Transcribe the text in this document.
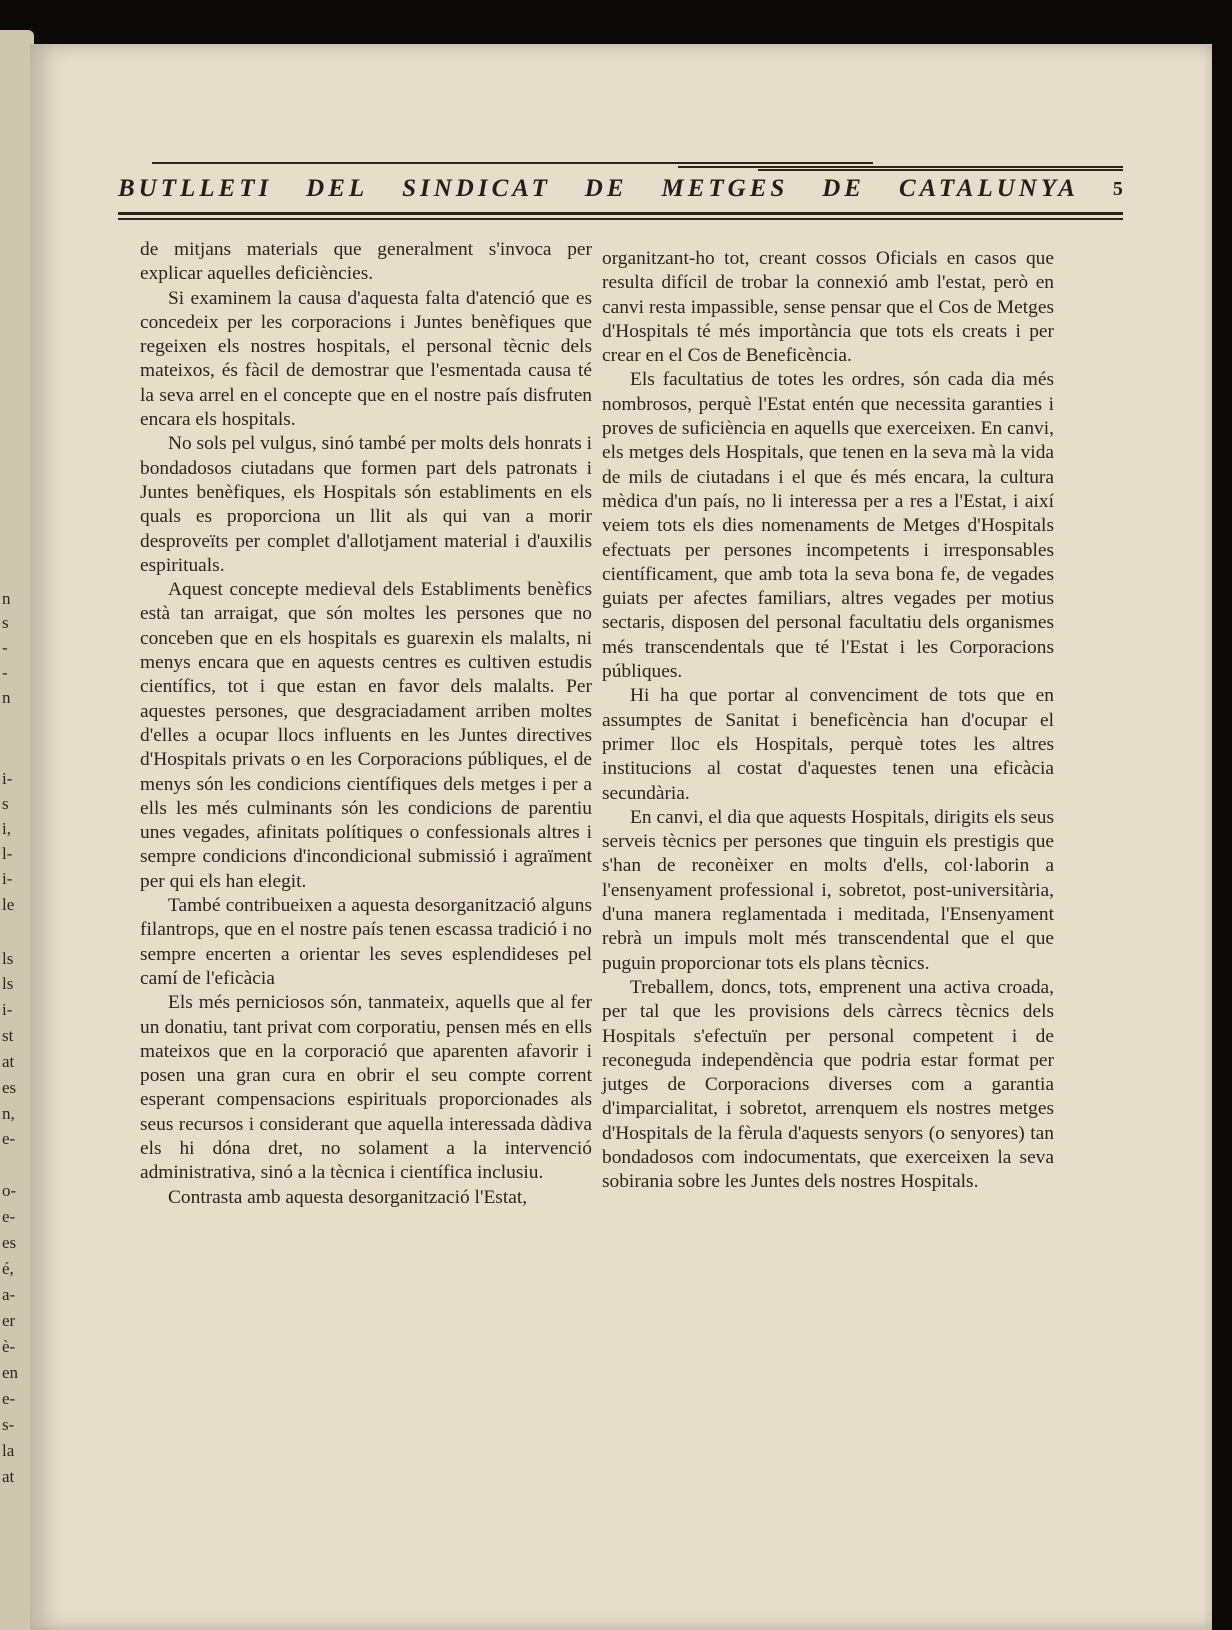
n
s
-
-
n
i-
s
i,
l-
i-
le
ls
ls
i-
st
at
es
n,
e-
o-
e-
es
é,
a-
er
è-
en
e-
s-
la
at
BUTLLETI DEL SINDICAT DE METGES DE CATALUNYA 5

de mitjans materials que generalment s'invoca per explicar aquelles deficiències.

Si examinem la causa d'aquesta falta d'atenció que es concedeix per les corporacions i Juntes benèfiques que regeixen els nostres hospitals, el personal tècnic dels mateixos, és fàcil de demostrar que l'esmentada causa té la seva arrel en el concepte que en el nostre país disfruten encara els hospitals.

No sols pel vulgus, sinó també per molts dels honrats i bondadosos ciutadans que formen part dels patronats i Juntes benèfiques, els Hospitals són establiments en els quals es proporciona un llit als qui van a morir desproveïts per complet d'allotjament material i d'auxilis espirituals.

Aquest concepte medieval dels Establiments benèfics està tan arraigat, que són moltes les persones que no conceben que en els hospitals es guarexin els malalts, ni menys encara que en aquests centres es cultiven estudis científics, tot i que estan en favor dels malalts. Per aquestes persones, que desgraciadament arriben moltes d'elles a ocupar llocs influents en les Juntes directives d'Hospitals privats o en les Corporacions públiques, el de menys són les condicions científiques dels metges i per a ells les més culminants són les condicions de parentiu unes vegades, afinitats polítiques o confessionals altres i sempre condicions d'incondicional submissió i agraïment per qui els han elegit.

També contribueixen a aquesta desorganització alguns filantrops, que en el nostre país tenen escassa tradició i no sempre encerten a orientar les seves esplendideses pel camí de l'eficàcia

Els més perniciosos són, tanmateix, aquells que al fer un donatiu, tant privat com corporatiu, pensen més en ells mateixos que en la corporació que aparenten afavorir i posen una gran cura en obrir el seu compte corrent esperant compensacions espirituals proporcionades als seus recursos i considerant que aquella interessada dàdiva els hi dóna dret, no solament a la intervenció administrativa, sinó a la tècnica i científica inclusiu.

Contrasta amb aquesta desorganització l'Estat,

organitzant-ho tot, creant cossos Oficials en casos que resulta difícil de trobar la connexió amb l'estat, però en canvi resta impassible, sense pensar que el Cos de Metges d'Hospitals té més importància que tots els creats i per crear en el Cos de Beneficència.

Els facultatius de totes les ordres, són cada dia més nombrosos, perquè l'Estat entén que necessita garanties i proves de suficiència en aquells que exerceixen. En canvi, els metges dels Hospitals, que tenen en la seva mà la vida de mils de ciutadans i el que és més encara, la cultura mèdica d'un país, no li interessa per a res a l'Estat, i així veiem tots els dies nomenaments de Metges d'Hospitals efectuats per persones incompetents i irresponsables científicament, que amb tota la seva bona fe, de vegades guiats per afectes familiars, altres vegades per motius sectaris, disposen del personal facultatiu dels organismes més transcendentals que té l'Estat i les Corporacions públiques.

Hi ha que portar al convenciment de tots que en assumptes de Sanitat i beneficència han d'ocupar el primer lloc els Hospitals, perquè totes les altres institucions al costat d'aquestes tenen una eficàcia secundària.

En canvi, el dia que aquests Hospitals, dirigits els seus serveis tècnics per persones que tinguin els prestigis que s'han de reconèixer en molts d'ells, col·laborin a l'ensenyament professional i, sobretot, post-universitària, d'una manera reglamentada i meditada, l'Ensenyament rebrà un impuls molt més transcendental que el que puguin proporcionar tots els plans tècnics.

Treballem, doncs, tots, emprenent una activa croada, per tal que les provisions dels càrrecs tècnics dels Hospitals s'efectuïn per personal competent i de reconeguda independència que podria estar format per jutges de Corporacions diverses com a garantia d'imparcialitat, i sobretot, arrenquem els nostres metges d'Hospitals de la fèrula d'aquests senyors (o senyores) tan bondadosos com indocumentats, que exerceixen la seva sobirania sobre les Juntes dels nostres Hospitals.
